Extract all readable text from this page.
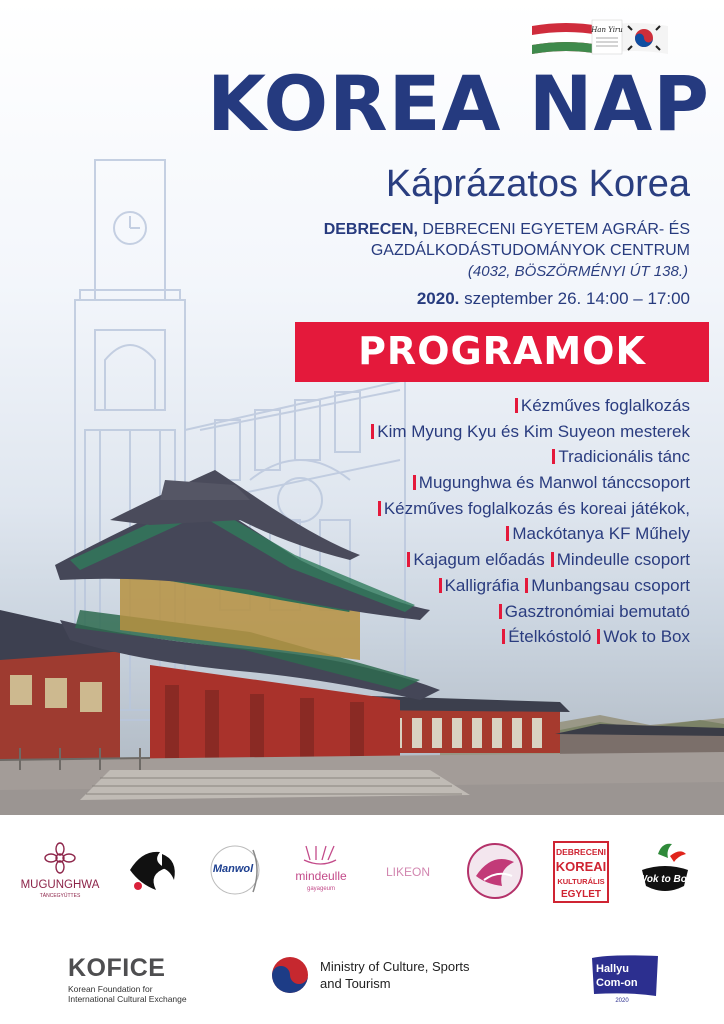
Han Yiru
KOREA NAP
Káprázatos Korea
DEBRECEN, DEBRECENI EGYETEM AGRÁR- ÉS
GAZDÁLKODÁSTUDOMÁNYOK CENTRUM
(4032, BÖSZÖRMÉNYI ÚT 138.)
2020. szeptember 26. 14:00 – 17:00
PROGRAMOK
Kézműves foglalkozás
Kim Myung Kyu és Kim Suyeon mesterek
Tradicionális tánc
Mugunghwa és Manwol tánccsoport
Kézműves foglalkozás és koreai játékok,
Mackótanya KF Műhely
Kajagum előadás Mindeulle csoport
Kalligráfia Munbangsau csoport
Gasztronómiai bemutató
Ételkóstoló Wok to Box
MUGUNGHWA
TÁNCEGYÜTTES
Manwol	mindeulle
gayageum
LIKEON
DEBRECENI
KOREAI
KULTURÁLIS
EGYLET
Wok to Box
KOFICE
Korean Foundation for
International Cultural Exchange
Ministry of Culture, Sports
and Tourism
Hallyu
Com-on
2020
